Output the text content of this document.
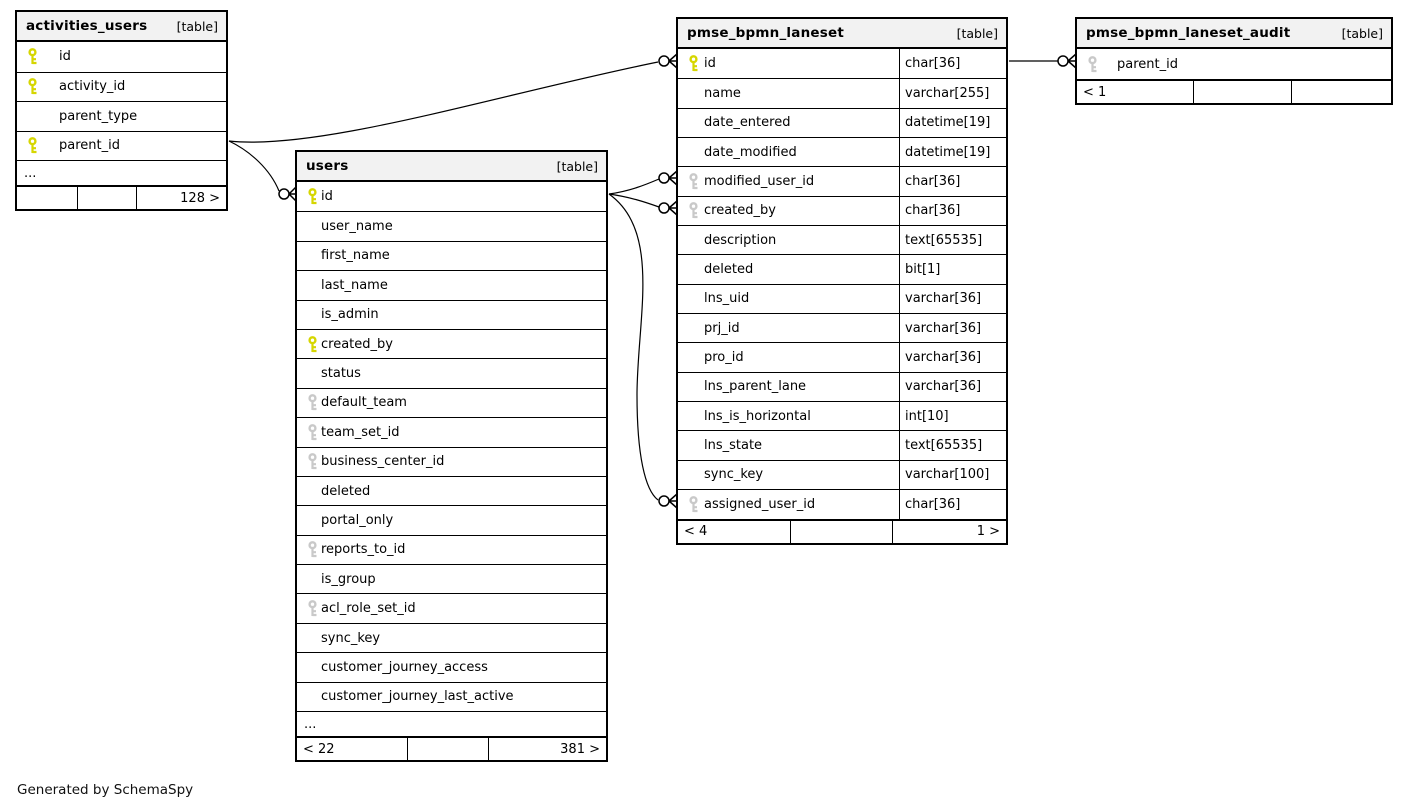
activities_users [table]
id
activity_id
parent_type
parent_id
...
128 >
users	[table]
id
user_name
first_name
last_name
is_admin
created_by
status
default_team
team_set_id
business_center_id
deleted
portal_only
reports_to_id
is_group
acl_role_set_id
sync_key
customer_journey_access
customer_journey_last_active
...
< 22	381 >
pmse_bpmn_laneset	[table]
id	char[36]
name	varchar[255]
date_entered	datetime[19]
date_modified	datetime[19]
modified_user_id	char[36]
created_by	char[36]
description	text[65535]
deleted	bit[1]
lns_uid	varchar[36]
prj_id	varchar[36]
pro_id	varchar[36]
lns_parent_lane	varchar[36]
lns_is_horizontal	int[10]
lns_state	text[65535]
sync_key	varchar[100]
assigned_user_id	char[36]
< 4	1 >
pmse_bpmn_laneset_audit	[table]
parent_id
< 1
Generated by SchemaSpy
